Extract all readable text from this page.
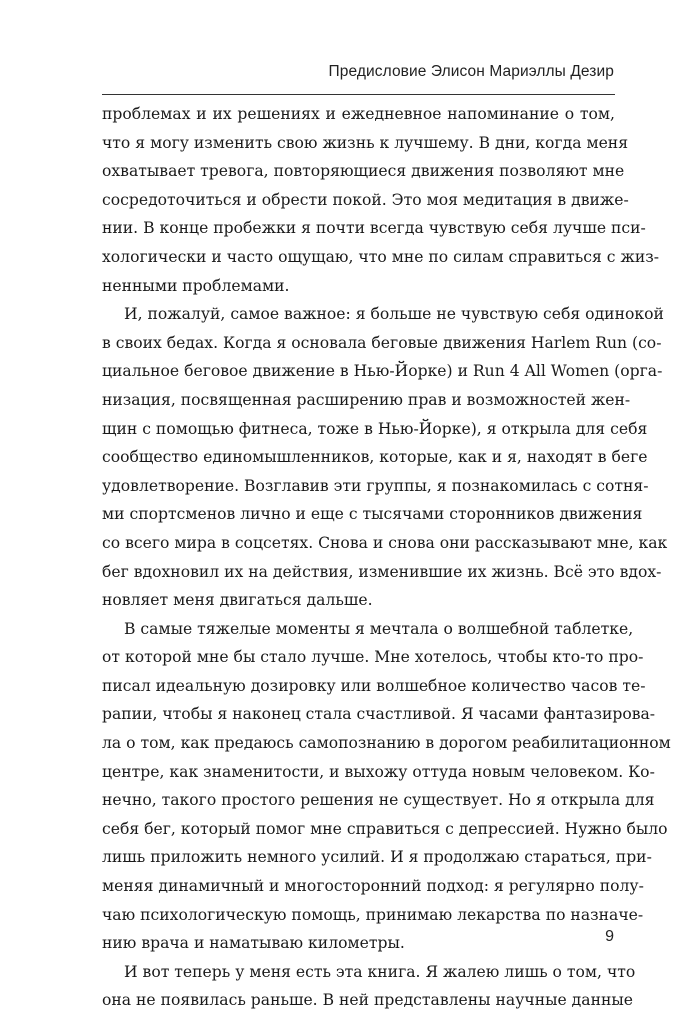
Предисловие Элисон Мариэллы Дезир
проблемах и их решениях и ежедневное напоминание о том,
что я могу изменить свою жизнь к лучшему. В дни, когда меня
охватывает тревога, повторяющиеся движения позволяют мне
сосредоточиться и обрести покой. Это моя медитация в движе-
нии. В конце пробежки я почти всегда чувствую себя лучше пси-
хологически и часто ощущаю, что мне по силам справиться с жиз-
ненными проблемами.
И, пожалуй, самое важное: я больше не чувствую себя одинокой
в своих бедах. Когда я основала беговые движения Harlem Run (со-
циальное беговое движение в Нью-Йорке) и Run 4 All Women (орга-
низация, посвященная расширению прав и возможностей жен-
щин с помощью фитнеса, тоже в Нью-Йорке), я открыла для себя
сообщество единомышленников, которые, как и я, находят в беге
удовлетворение. Возглавив эти группы, я познакомилась с сотня-
ми спортсменов лично и еще с тысячами сторонников движения
со всего мира в соцсетях. Снова и снова они рассказывают мне, как
бег вдохновил их на действия, изменившие их жизнь. Всё это вдох-
новляет меня двигаться дальше.
В самые тяжелые моменты я мечтала о волшебной таблетке,
от которой мне бы стало лучше. Мне хотелось, чтобы кто-то про-
писал идеальную дозировку или волшебное количество часов те-
рапии, чтобы я наконец стала счастливой. Я часами фантазирова-
ла о том, как предаюсь самопознанию в дорогом реабилитационном
центре, как знаменитости, и выхожу оттуда новым человеком. Ко-
нечно, такого простого решения не существует. Но я открыла для
себя бег, который помог мне справиться с депрессией. Нужно было
лишь приложить немного усилий. И я продолжаю стараться, при-
меняя динамичный и многосторонний подход: я регулярно полу-
чаю психологическую помощь, принимаю лекарства по назначе-
нию врача и наматываю километры.
И вот теперь у меня есть эта книга. Я жалею лишь о том, что
она не появилась раньше. В ней представлены научные данные
9
